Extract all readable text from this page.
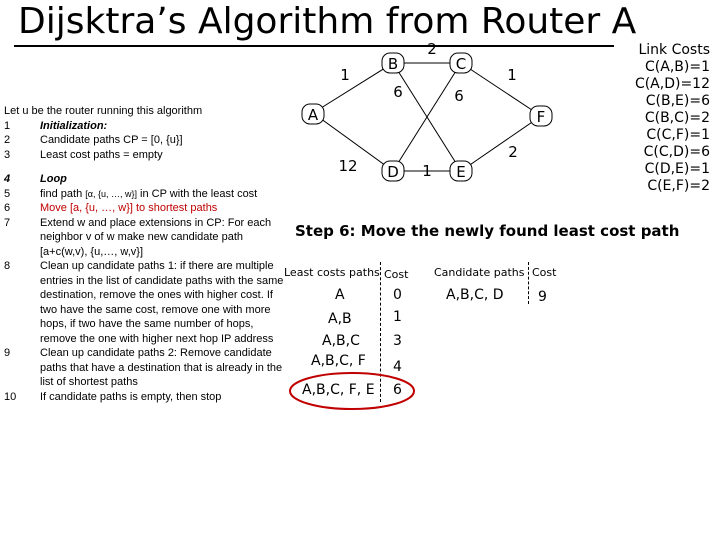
Dijsktra’s Algorithm from Router A
Link Costs
C(A,B)=1
C(A,D)=12
C(B,E)=6
C(B,C)=2
C(C,F)=1
C(C,D)=6
C(D,E)=1
C(E,F)=2
A
B	C
D	E
F
1
2
1
6	6
12
2
1
Let u be the router running this algorithm
1	Initialization:
2	Candidate paths CP = [0, {u}]
3	Least cost paths = empty
4	Loop
5	find path [α, {u, …, w}] in CP with the least cost
6	Move [a, {u, …, w}] to shortest paths
7	Extend w and place extensions in CP: For each neighbor v of w make new candidate path [a+c(w,v), {u,…, w,v}]
8	Clean up candidate paths 1: if there are multiple entries in the list of candidate paths with the same destination, remove the ones with higher cost. If two have the same cost, remove one with more hops, if two have the same number of hops, remove the one with higher next hop IP address
9	Clean up candidate paths 2: Remove candidate paths that have a destination that is already in the list of shortest paths
10 If candidate paths is empty, then stop
Step 6: Move the newly found least cost path
Least costs paths Cost
A	0
A,B	1
A,B,C 3
A,B,C, F 4
A,B,C, F, E 6
Candidate paths Cost
A,B,C, D 9
